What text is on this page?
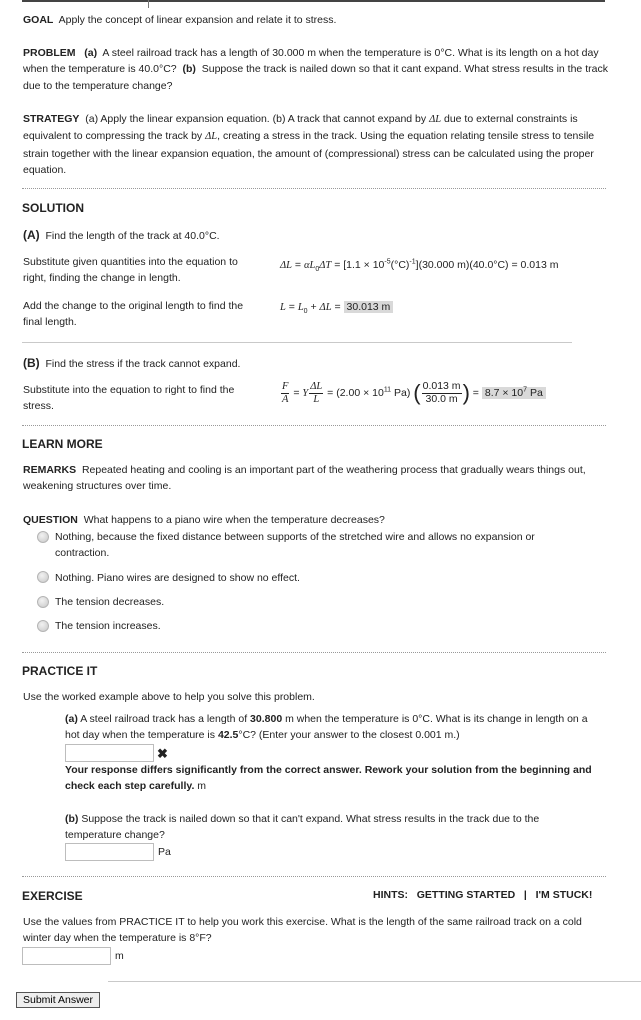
GOAL Apply the concept of linear expansion and relate it to stress.
PROBLEM (a) A steel railroad track has a length of 30.000 m when the temperature is 0°C. What is its length on a hot day when the temperature is 40.0°C? (b) Suppose the track is nailed down so that it cant expand. What stress results in the track due to the temperature change?
STRATEGY (a) Apply the linear expansion equation. (b) A track that cannot expand by ΔL due to external constraints is equivalent to compressing the track by ΔL, creating a stress in the track. Using the equation relating tensile stress to tensile strain together with the linear expansion equation, the amount of (compressional) stress can be calculated using the proper equation.
SOLUTION
(A) Find the length of the track at 40.0°C.
Substitute given quantities into the equation to right, finding the change in length.
$\Delta L = \alpha L_0\Delta T = [1.1 \times 10^{-5}(^\circ C)^{-1}](30.000$ m)(40.0°C) = 0.013 m
Add the change to the original length to find the final length.
$L = L_0 + \Delta L = 30.013$ m
(B) Find the stress if the track cannot expand.
Substitute into the equation to right to find the stress.
$\frac{F}{A} = Y \frac{\Delta L}{L} = (2.00 \times 10^{11}$ Pa) ( $\frac{0.013 m}{30.0 m}$ ) = $8.7 \times 10^7$ Pa
LEARN MORE
REMARKS Repeated heating and cooling is an important part of the weathering process that gradually wears things out, weakening structures over time.
QUESTION What happens to a piano wire when the temperature decreases?
Nothing, because the fixed distance between supports of the stretched wire and allows no expansion or contraction.
Nothing. Piano wires are designed to show no effect.
The tension decreases.
The tension increases.
PRACTICE IT
Use the worked example above to help you solve this problem.
(a) A steel railroad track has a length of 30.800 m when the temperature is 0°C. What is its change in length on a hot day when the temperature is 42.5°C? (Enter your answer to the closest 0.001 m.)
✖
Your response differs significantly from the correct answer. Rework your solution from the beginning and check each step carefully. m
(b) Suppose the track is nailed down so that it can't expand. What stress results in the track due to the temperature change?
Pa
EXERCISE	HINTS: GETTING STARTED | I'M STUCK!
Use the values from PRACTICE IT to help you work this exercise. What is the length of the same railroad track on a cold winter day when the temperature is 8°F?
m
Submit Answer
